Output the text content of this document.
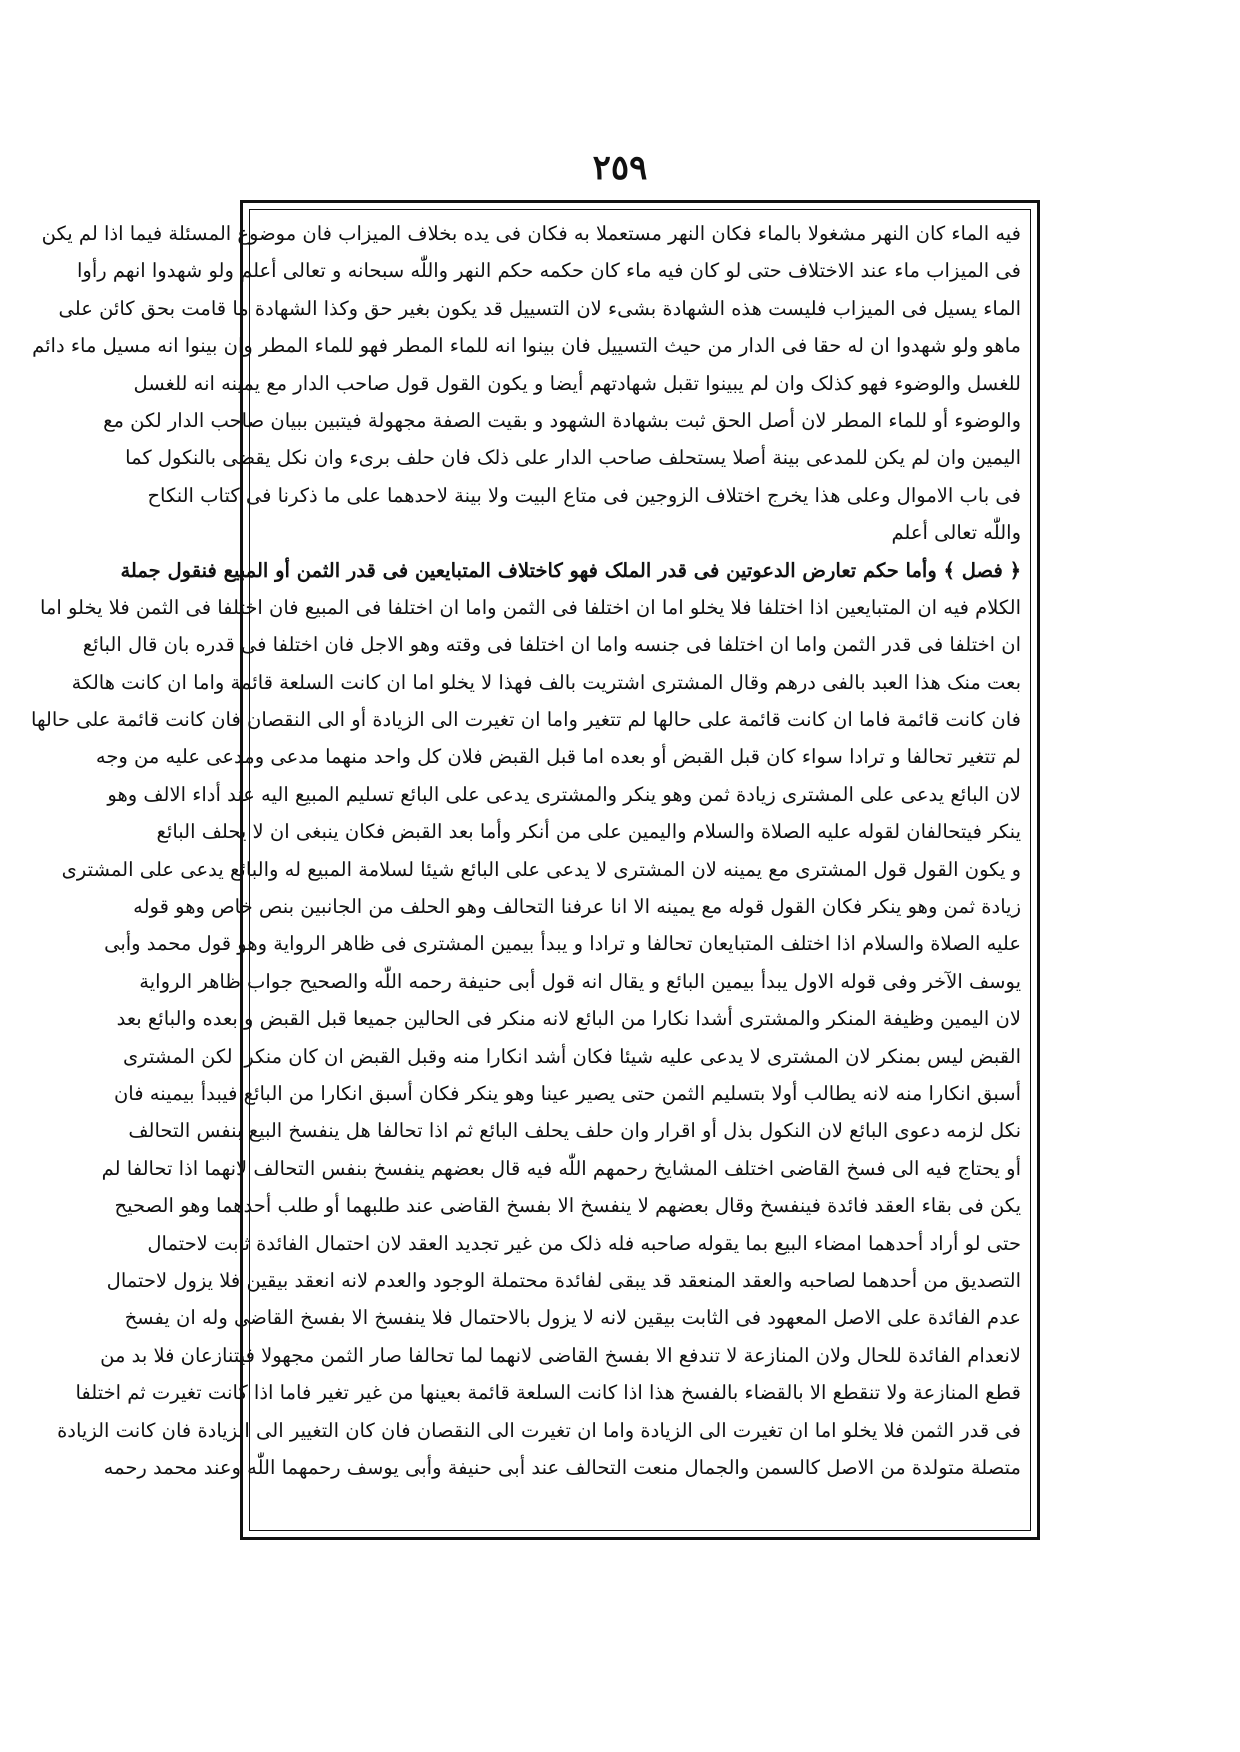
٢٥٩
فیه الماء کان النهر مشغولا بالماء فکان النهر مستعملا به فکان فی یده بخلاف المیزاب فان موضوع المسئلة فیما اذا لم یکن
فی المیزاب ماء عند الاختلاف حتی لو کان فیه ماء کان حکمه حکم النهر واللّٰه سبحانه و تعالی أعلم ولو شهدوا انهم رأوا
الماء یسیل فی المیزاب فلیست هذه الشهادة بشیء لان التسییل قد یکون بغیر حق وکذا الشهادة ما قامت بحق کائن علی
ماهو ولو شهدوا ان له حقا فی الدار من حیث التسییل فان بینوا انه للماء المطر فهو للماء المطر وان بینوا انه مسیل ماء دائم
للغسل والوضوء فهو کذلک وان لم یبینوا تقبل شهادتهم أیضا و یکون القول قول صاحب الدار مع یمینه انه للغسل
والوضوء أو للماء المطر لان أصل الحق ثبت بشهادة الشهود و بقیت الصفة مجهولة فیتبین ببیان صاحب الدار لکن مع
الیمین وان لم یکن للمدعی بینة أصلا یستحلف صاحب الدار علی ذلک فان حلف بریء وان نکل یقضی بالنکول کما
فی باب الاموال وعلی هذا یخرج اختلاف الزوجین فی متاع البیت ولا بینة لاحدهما علی ما ذکرنا فی کتاب النکاح
واللّٰه تعالی أعلم
﴿ فصل ﴾ وأما حکم تعارض الدعوتین فی قدر الملک فهو کاختلاف المتبایعین فی قدر الثمن أو المبیع فنقول جملة
الکلام فیه ان المتبایعین اذا اختلفا فلا یخلو اما ان اختلفا فی الثمن واما ان اختلفا فی المبیع فان اختلفا فی الثمن فلا یخلو اما
ان اختلفا فی قدر الثمن واما ان اختلفا فی جنسه واما ان اختلفا فی وقته وهو الاجل فان اختلفا فی قدره بان قال البائع
بعت منک هذا العبد بالفی درهم وقال المشتری اشتریت بالف فهذا لا یخلو اما ان کانت السلعة قائمة واما ان کانت هالکة
فان کانت قائمة فاما ان کانت قائمة علی حالها لم تتغیر واما ان تغیرت الی الزیادة أو الی النقصان فان کانت قائمة علی حالها
لم تتغیر تحالفا و ترادا سواء کان قبل القبض أو بعده اما قبل القبض فلان کل واحد منهما مدعی ومدعی علیه من وجه
لان البائع یدعی علی المشتری زیادة ثمن وهو ینکر والمشتری یدعی علی البائع تسلیم المبیع الیه عند أداء الالف وهو
ینکر فیتحالفان لقوله علیه الصلاة والسلام والیمین علی من أنکر وأما بعد القبض فکان ینبغی ان لا یحلف البائع
و یکون القول قول المشتری مع یمینه لان المشتری لا یدعی علی البائع شیئا لسلامة المبیع له والبائع یدعی علی المشتری
زیادة ثمن وهو ینکر فکان القول قوله مع یمینه الا انا عرفنا التحالف وهو الحلف من الجانبین بنص خاص وهو قوله
علیه الصلاة والسلام اذا اختلف المتبایعان تحالفا و ترادا و یبدأ بیمین المشتری فی ظاهر الروایة وهو قول محمد وأبی
یوسف الآخر وفی قوله الاول یبدأ بیمین البائع و یقال انه قول أبی حنیفة رحمه اللّٰه والصحیح جواب ظاهر الروایة
لان الیمین وظیفة المنکر والمشتری أشدا نکارا من البائع لانه منکر فی الحالین جمیعا قبل القبض و بعده والبائع بعد
القبض لیس بمنکر لان المشتری لا یدعی علیه شیئا فکان أشد انکارا منه وقبل القبض ان کان منکرا لکن المشتری
أسبق انکارا منه لانه یطالب أولا بتسلیم الثمن حتی یصیر عینا وهو ینکر فکان أسبق انکارا من البائع فیبدأ بیمینه فان
نکل لزمه دعوی البائع لان النکول بذل أو اقرار وان حلف یحلف البائع ثم اذا تحالفا هل ینفسخ البیع بنفس التحالف
أو یحتاج فیه الی فسخ القاضی اختلف المشایخ رحمهم اللّٰه فیه قال بعضهم ینفسخ بنفس التحالف لانهما اذا تحالفا لم
یکن فی بقاء العقد فائدة فینفسخ وقال بعضهم لا ینفسخ الا بفسخ القاضی عند طلبهما أو طلب أحدهما وهو الصحیح
حتی لو أراد أحدهما امضاء البیع بما یقوله صاحبه فله ذلک من غیر تجدید العقد لان احتمال الفائدة ثابت لاحتمال
التصدیق من أحدهما لصاحبه والعقد المنعقد قد یبقی لفائدة محتملة الوجود والعدم لانه انعقد بیقین فلا یزول لاحتمال
عدم الفائدة علی الاصل المعهود فی الثابت بیقین لانه لا یزول بالاحتمال فلا ینفسخ الا بفسخ القاضی وله ان یفسخ
لانعدام الفائدة للحال ولان المنازعة لا تندفع الا بفسخ القاضی لانهما لما تحالفا صار الثمن مجهولا فیتنازعان فلا بد من
قطع المنازعة ولا تنقطع الا بالقضاء بالفسخ هذا اذا کانت السلعة قائمة بعینها من غیر تغیر فاما اذا کانت تغیرت ثم اختلفا
فی قدر الثمن فلا یخلو اما ان تغیرت الی الزیادة واما ان تغیرت الی النقصان فان کان التغییر الی الزیادة فان کانت الزیادة
متصلة متولدة من الاصل کالسمن والجمال منعت التحالف عند أبی حنیفة وأبی یوسف رحمهما اللّٰه وعند محمد رحمه
